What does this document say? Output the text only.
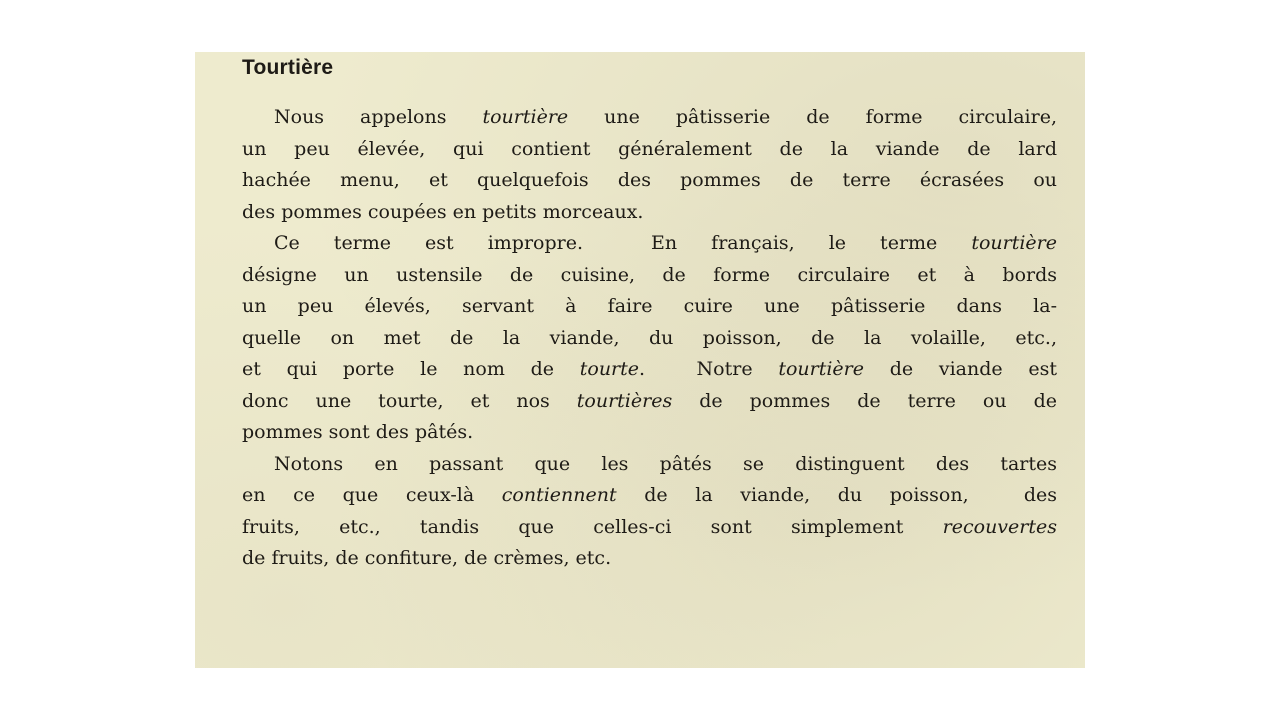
Tourtière
Nous appelons tourtière une pâtisserie de forme circulaire,
un peu élevée, qui contient généralement de la viande de lard
hachée menu, et quelquefois des pommes de terre écrasées ou
des pommes coupées en petits morceaux.
Ce terme est impropre.  En français, le terme tourtière
désigne un ustensile de cuisine, de forme circulaire et à bords
un peu élevés, servant à faire cuire une pâtisserie dans la-
quelle on met de la viande, du poisson, de la volaille, etc.,
et qui porte le nom de tourte.  Notre tourtière de viande est
donc une tourte, et nos tourtières de pommes de terre ou de
pommes sont des pâtés.
Notons en passant que les pâtés se distinguent des tartes
en ce que ceux-là contiennent de la viande, du poisson,  des
fruits, etc., tandis que celles-ci sont simplement recouvertes
de fruits, de confiture, de crèmes, etc.
